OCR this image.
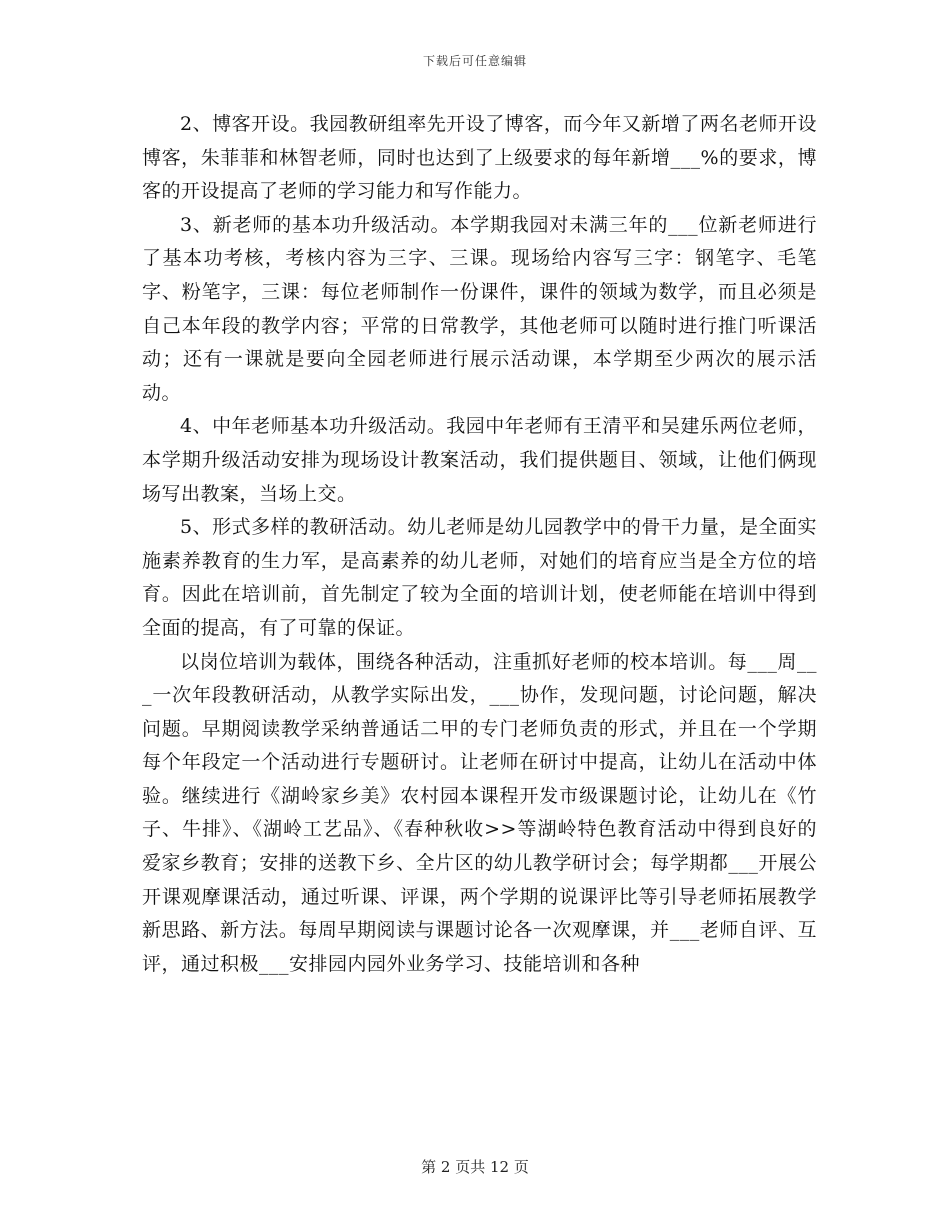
下载后可任意编辑

2、博客开设。我园教研组率先开设了博客，而今年又新增了两名老师开设博客，朱菲菲和林智老师，同时也达到了上级要求的每年新增___%的要求，博客的开设提高了老师的学习能力和写作能力。

3、新老师的基本功升级活动。本学期我园对未满三年的___位新老师进行了基本功考核，考核内容为三字、三课。现场给内容写三字：钢笔字、毛笔字、粉笔字，三课：每位老师制作一份课件，课件的领域为数学，而且必须是自己本年段的教学内容；平常的日常教学，其他老师可以随时进行推门听课活动；还有一课就是要向全园老师进行展示活动课，本学期至少两次的展示活动。

4、中年老师基本功升级活动。我园中年老师有王清平和吴建乐两位老师，本学期升级活动安排为现场设计教案活动，我们提供题目、领域，让他们俩现场写出教案，当场上交。

5、形式多样的教研活动。幼儿老师是幼儿园教学中的骨干力量，是全面实施素养教育的生力军，是高素养的幼儿老师，对她们的培育应当是全方位的培育。因此在培训前，首先制定了较为全面的培训计划，使老师能在培训中得到全面的提高，有了可靠的保证。

以岗位培训为载体，围绕各种活动，注重抓好老师的校本培训。每___周___一次年段教研活动，从教学实际出发，___协作，发现问题，讨论问题，解决问题。早期阅读教学采纳普通话二甲的专门老师负责的形式，并且在一个学期每个年段定一个活动进行专题研讨。让老师在研讨中提高，让幼儿在活动中体验。继续进行《湖岭家乡美》农村园本课程开发市级课题讨论，让幼儿在《竹子、牛排》、《湖岭工艺品》、《春种秋收>>等湖岭特色教育活动中得到良好的爱家乡教育；安排的送教下乡、全片区的幼儿教学研讨会；每学期都___开展公开课观摩课活动，通过听课、评课，两个学期的说课评比等引导老师拓展教学新思路、新方法。每周早期阅读与课题讨论各一次观摩课，并___老师自评、互评，通过积极___安排园内园外业务学习、技能培训和各种

第 2 页共 12 页
